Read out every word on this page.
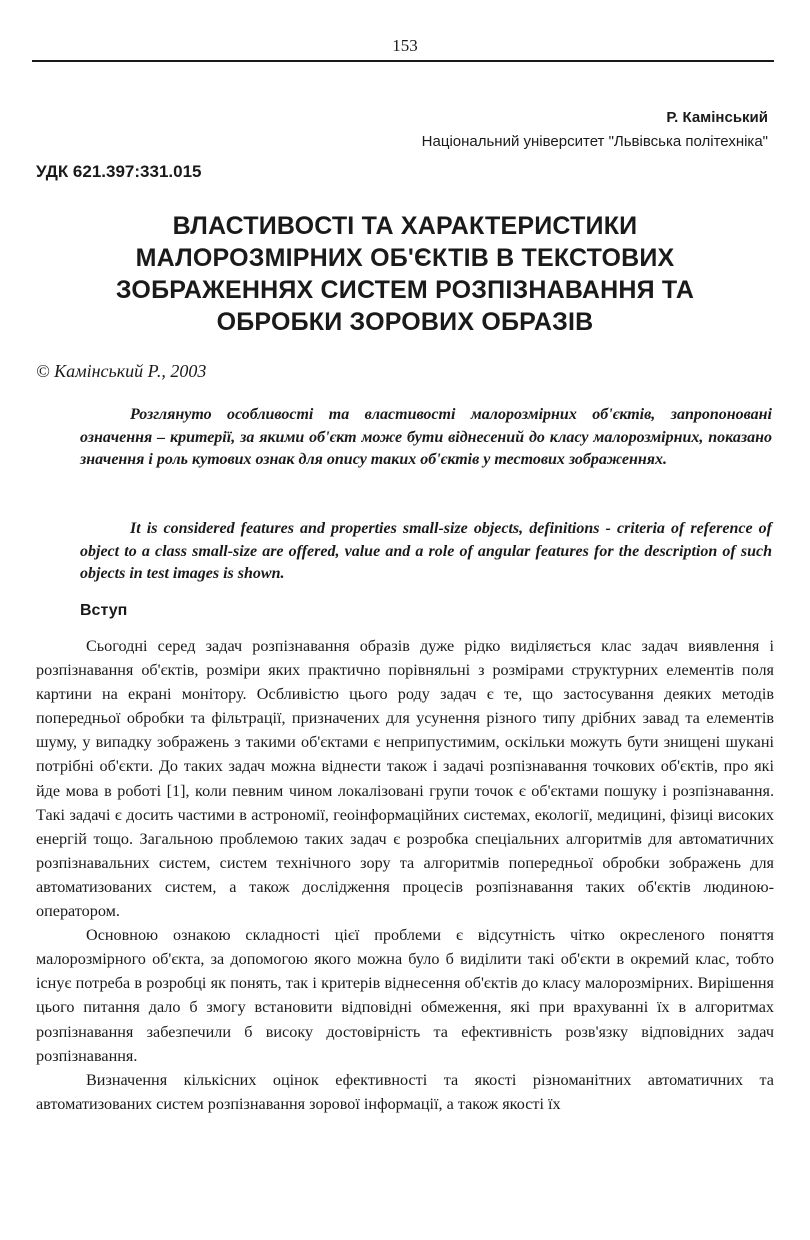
153
Р. Камінський
Національний університет "Львівська політехніка"
УДК 621.397:331.015
ВЛАСТИВОСТІ ТА ХАРАКТЕРИСТИКИ
МАЛОРОЗМІРНИХ ОБ'ЄКТІВ В ТЕКСТОВИХ
ЗОБРАЖЕННЯХ СИСТЕМ РОЗПІЗНАВАННЯ ТА
ОБРОБКИ ЗОРОВИХ ОБРАЗІВ
© Камінський Р., 2003

Розглянуто особливості та властивості малорозмірних об'єктів, запропоновані означення – критерії, за якими об'єкт може бути віднесений до класу малорозмірних, показано значення і роль кутових ознак для опису таких об'єктів у тестових зображеннях.

It is considered features and properties small-size objects, definitions - criteria of reference of object to a class small-size are offered, value and a role of angular features for the description of such objects in test images is shown.

Вступ

Сьогодні серед задач розпізнавання образів дуже рідко виділяється клас задач виявлення і розпізнавання об'єктів, розміри яких практично порівняльні з розмірами структурних елементів поля картини на екрані монітору. Осбливістю цього роду задач є те, що застосування деяких методів попередньої обробки та фільтрації, призначених для усунення різного типу дрібних завад та елементів шуму, у випадку зображень з такими об'єктами є неприпустимим, оскільки можуть бути знищені шукані потрібні об'єкти. До таких задач можна віднести також і задачі розпізнавання точкових об'єктів, про які йде мова в роботі [1], коли певним чином локалізовані групи точок є об'єктами пошуку і розпізнавання. Такі задачі є досить частими в астрономії, геоінформаційних системах, екології, медицині, фізиці високих енергій тощо. Загальною проблемою таких задач є розробка спеціальних алгоритмів для автоматичних розпізнавальних систем, систем технічного зору та алгоритмів попередньої обробки зображень для автоматизованих систем, а також дослідження процесів розпізнавання таких об'єктів людиною-оператором.

Основною ознакою складності цієї проблеми є відсутність чітко окресленого поняття малорозмірного об'єкта, за допомогою якого можна було б виділити такі об'єкти в окремий клас, тобто існує потреба в розробці як понять, так і критерів віднесення об'єктів до класу малорозмірних. Вирішення цього питання дало б змогу встановити відповідні обмеження, які при врахуванні їх в алгоритмах розпізнавання забезпечили б високу достовірність та ефективність розв'язку відповідних задач розпізнавання.

Визначення кількісних оцінок ефективності та якості різноманітних автоматичних та автоматизованих систем розпізнавання зорової інформації, а також якості їх
